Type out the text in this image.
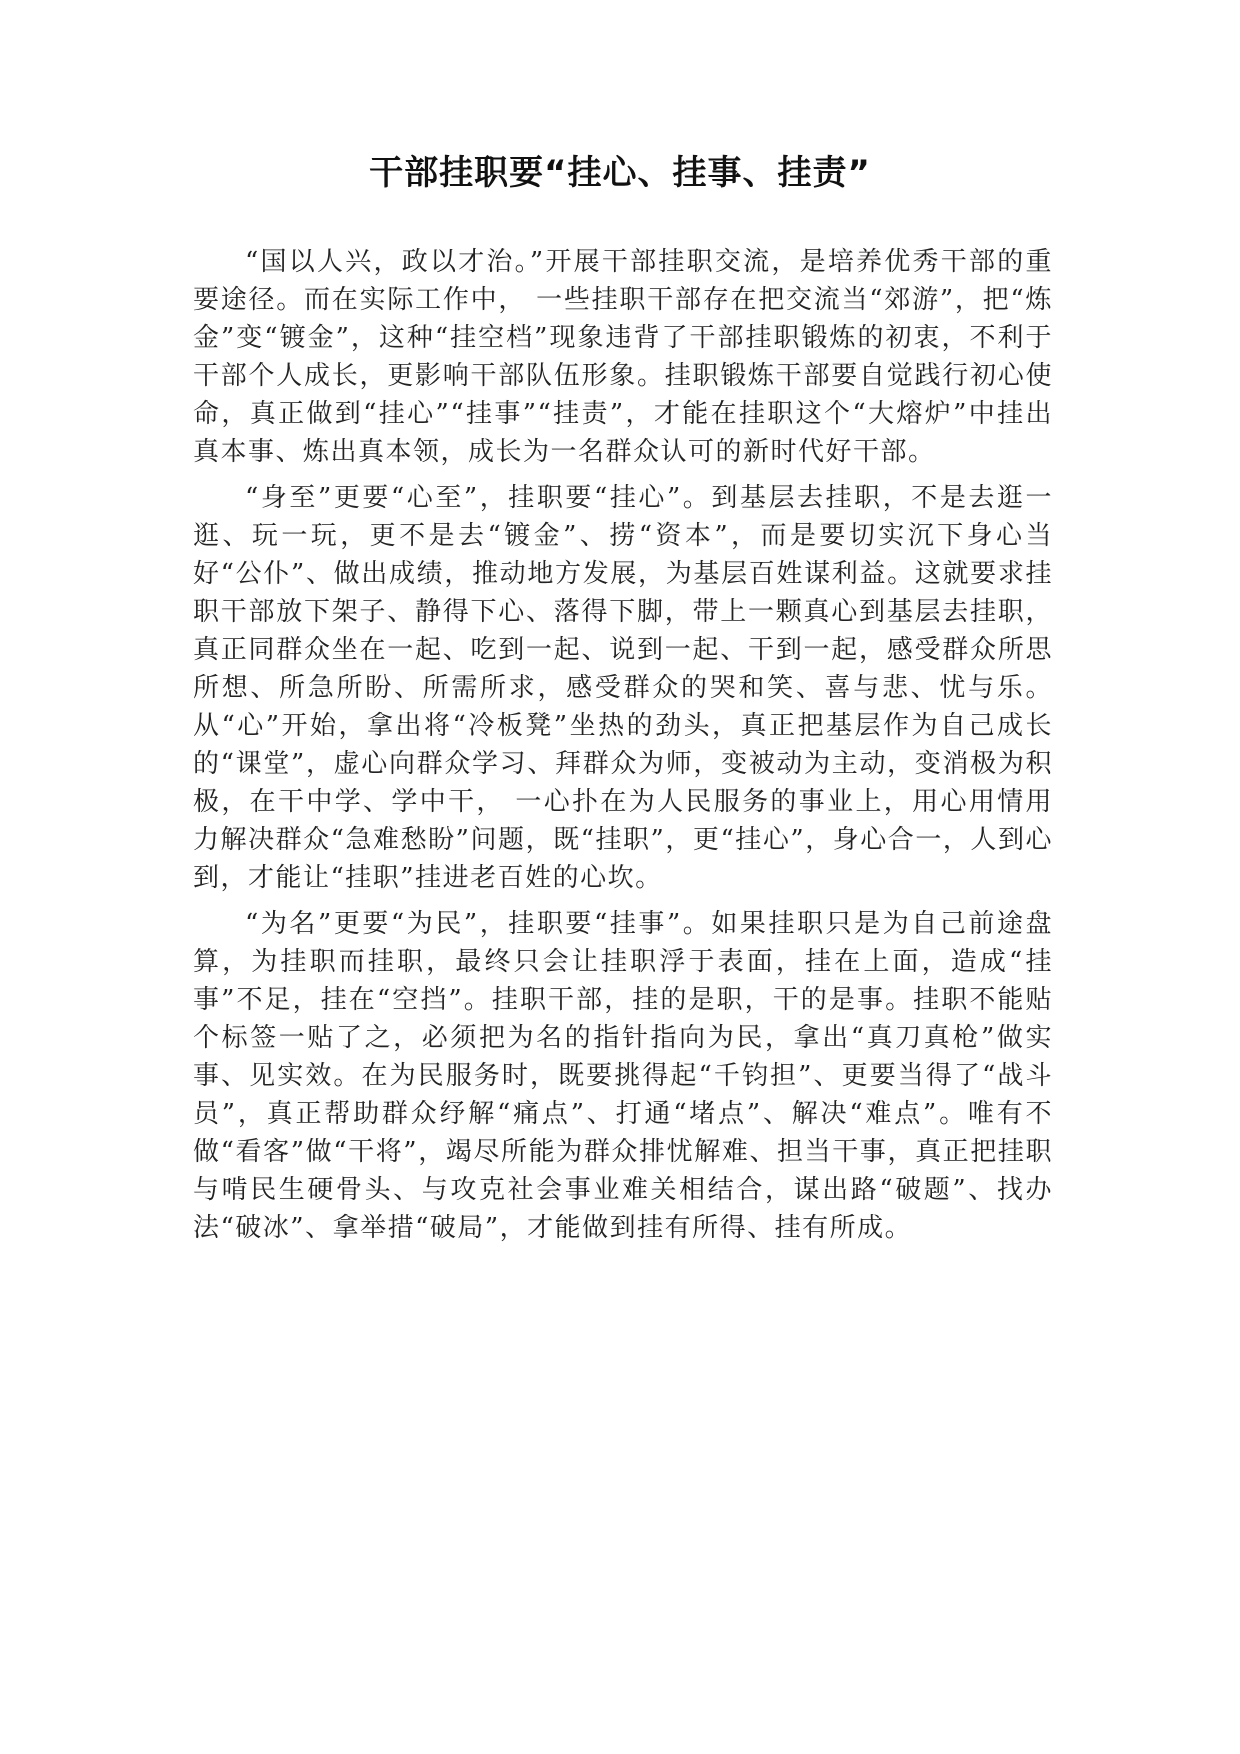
干部挂职要“挂心、挂事、挂责”

“国以人兴，政以才治。”开展干部挂职交流，是培养优秀干部的重要途径。而在实际工作中， 一些挂职干部存在把交流当“郊游”，把“炼金”变“镀金”，这种“挂空档”现象违背了干部挂职锻炼的初衷，不利于干部个人成长，更影响干部队伍形象。挂职锻炼干部要自觉践行初心使命，真正做到“挂心”“挂事”“挂责”，才能在挂职这个“大熔炉”中挂出真本事、炼出真本领，成长为一名群众认可的新时代好干部。

“身至”更要“心至”，挂职要“挂心”。到基层去挂职，不是去逛一逛、玩一玩，更不是去“镀金”、捞“资本”，而是要切实沉下身心当好“公仆”、做出成绩，推动地方发展，为基层百姓谋利益。这就要求挂职干部放下架子、静得下心、落得下脚，带上一颗真心到基层去挂职，真正同群众坐在一起、吃到一起、说到一起、干到一起，感受群众所思所想、所急所盼、所需所求，感受群众的哭和笑、喜与悲、忧与乐。从“心”开始，拿出将“冷板凳”坐热的劲头，真正把基层作为自己成长的“课堂”，虚心向群众学习、拜群众为师，变被动为主动，变消极为积极，在干中学、学中干， 一心扑在为人民服务的事业上，用心用情用力解决群众“急难愁盼”问题，既“挂职”，更“挂心”，身心合一，人到心到，才能让“挂职”挂进老百姓的心坎。

“为名”更要“为民”，挂职要“挂事”。如果挂职只是为自己前途盘算，为挂职而挂职，最终只会让挂职浮于表面，挂在上面，造成“挂事”不足，挂在“空挡”。挂职干部，挂的是职，干的是事。挂职不能贴个标签一贴了之，必须把为名的指针指向为民，拿出“真刀真枪”做实事、见实效。在为民服务时，既要挑得起“千钧担”、更要当得了“战斗员”，真正帮助群众纾解“痛点”、打通“堵点”、解决“难点”。唯有不做“看客”做“干将”，竭尽所能为群众排忧解难、担当干事，真正把挂职与啃民生硬骨头、与攻克社会事业难关相结合，谋出路“破题”、找办法“破冰”、拿举措“破局”，才能做到挂有所得、挂有所成。
